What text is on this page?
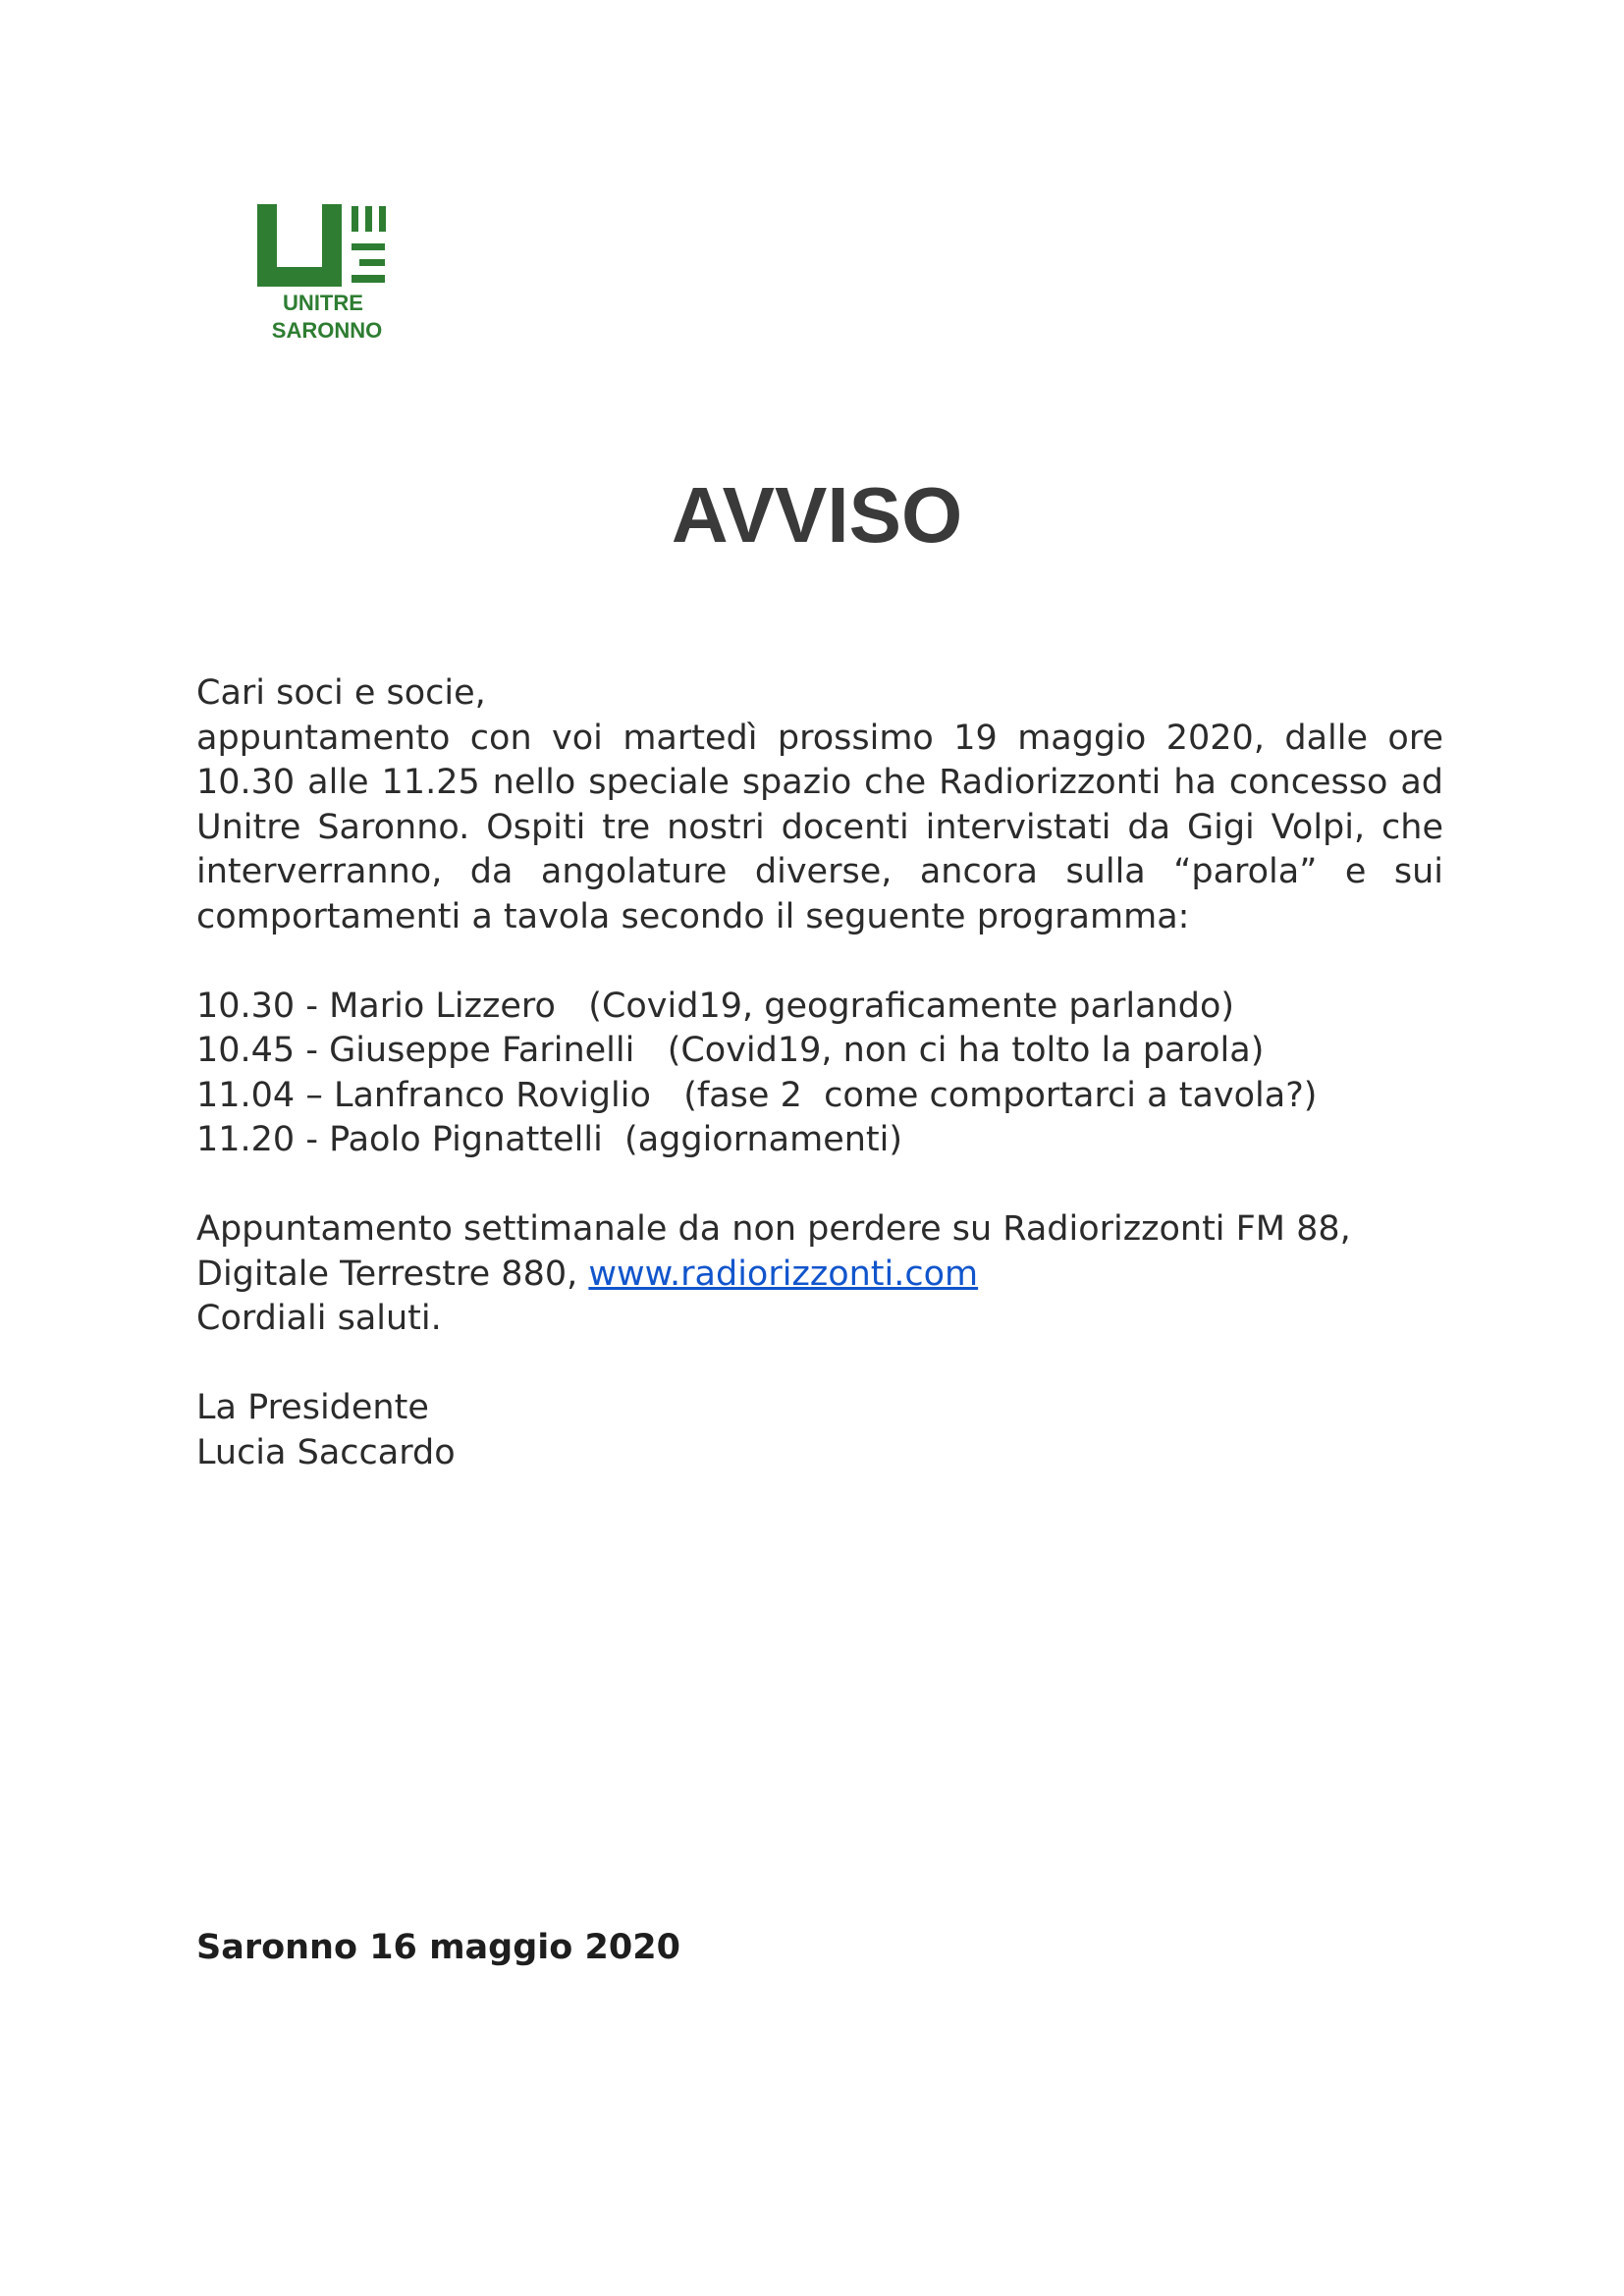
UNITRE

SARONNO

AVVISO

Cari soci e socie,

appuntamento con voi martedì prossimo 19 maggio 2020, dalle ore 10.30 alle 11.25 nello speciale spazio che Radiorizzonti ha concesso ad Unitre Saronno. Ospiti tre nostri docenti intervistati da Gigi Volpi, che interverranno, da angolature diverse, ancora sulla “parola” e sui comportamenti a tavola secondo il seguente programma:

10.30 - Mario Lizzero   (Covid19, geograficamente parlando)

10.45 - Giuseppe Farinelli   (Covid19, non ci ha tolto la parola)

11.04 – Lanfranco Roviglio   (fase 2  come comportarci a tavola?)

11.20 - Paolo Pignattelli  (aggiornamenti)

Appuntamento settimanale da non perdere su Radiorizzonti FM 88,

Digitale Terrestre 880, www.radiorizzonti.com

Cordiali saluti.

La Presidente

Lucia Saccardo

Saronno 16 maggio 2020
